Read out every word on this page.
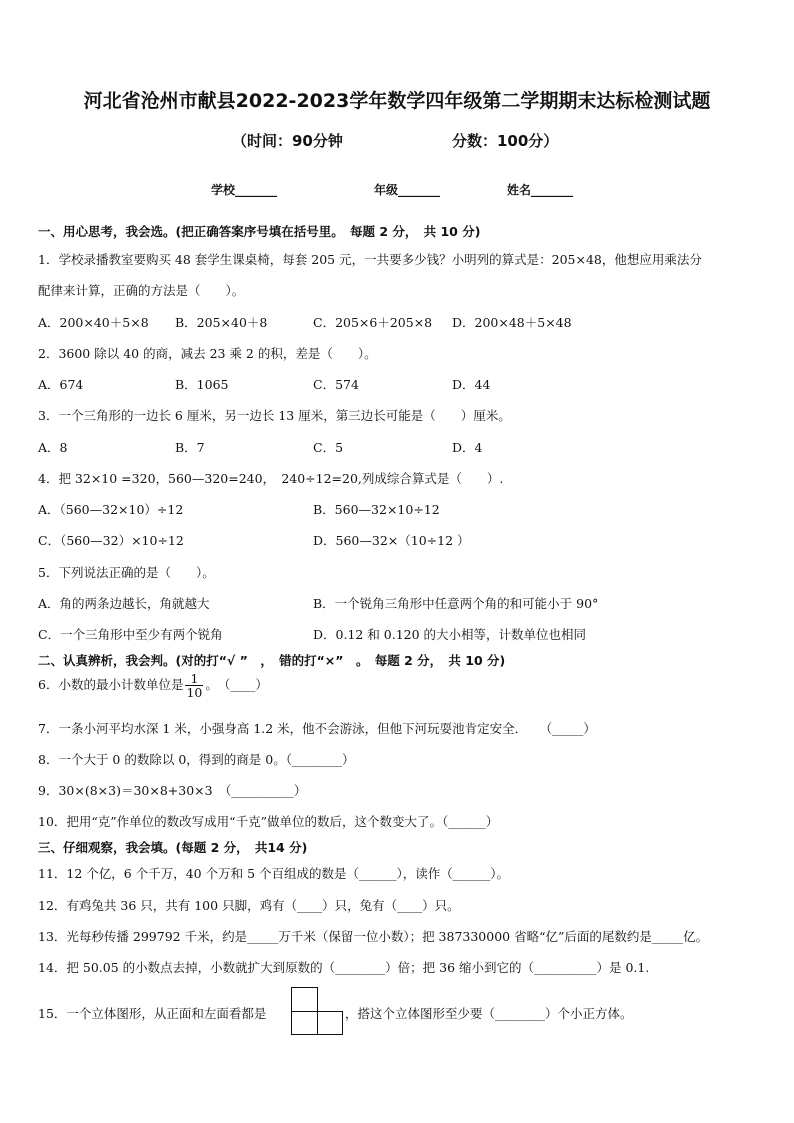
河北省沧州市献县2022-2023学年数学四年级第二学期期末达标检测试题
（时间：90分钟	分数：100分）
学校_______	年级_______	姓名_______
一、用心思考，我会选。(把正确答案序号填在括号里。　每题 2 分，　共 10 分)
1．学校录播教室要购买 48 套学生课桌椅，每套 205 元，一共要多少钱？小明列的算式是：205×48，他想应用乘法分
配律来计算，正确的方法是（　　）。
A．200×40＋5×8 B．205×40＋8	C．205×6＋205×8 D．200×48＋5×48
2．3600 除以 40 的商，减去 23 乘 2 的积，差是（　　）。
A．674	B．1065	C．574	D．44
3．一个三角形的一边长 6 厘米，另一边长 13 厘米，第三边长可能是（　　）厘米。
A．8	B．7	C．5	D．4
4．把 32×10 =320，560—320=240，　240÷12=20,列成综合算式是（　　）.
A．（560—32×10）÷12	B．560—32×10÷12
C．（560—32）×10÷12	D．560—32×（10÷12 ）
5．下列说法正确的是（　　）。
A．角的两条边越长，角就越大	B．一个锐角三角形中任意两个角的和可能小于 90°
C．一个三角形中至少有两个锐角	D．0.12 和 0.120 的大小相等，计数单位也相同
二、认真辨析，我会判。(对的打“√ ”　，　错的打“×”　。　每题 2 分，　共 10 分)
6．小数的最小计数单位是 $\frac{1}{10}$ 。　（____）
7．一条小河平均水深 1 米，小强身高 1.2 米，他不会游泳，但他下河玩耍池肯定安全．　　（_____）
8．一个大于 0 的数除以 0，得到的商是 0。（________）
9．30×(8×3)＝30×8+30×3　（__________）
10．把用“克”作单位的数改写成用“千克”做单位的数后，这个数变大了。（______）
三、仔细观察，我会填。(每题 2 分，　共14 分)
11．12 个亿，6 个千万，40 个万和 5 个百组成的数是（______），读作（______）。
12．有鸡兔共 36 只，共有 100 只脚，鸡有（____）只，兔有（____）只。
13．光每秒传播 299792 千米，约是_____万千米（保留一位小数）；把 387330000 省略“亿”后面的尾数约是_____亿。
14．把 50.05 的小数点去掉，小数就扩大到原数的（________）倍；把 36 缩小到它的（__________）是 0.1.
15．一个立体图形，从正面和左面看都是	，搭这个立体图形至少要（________）个小正方体。
